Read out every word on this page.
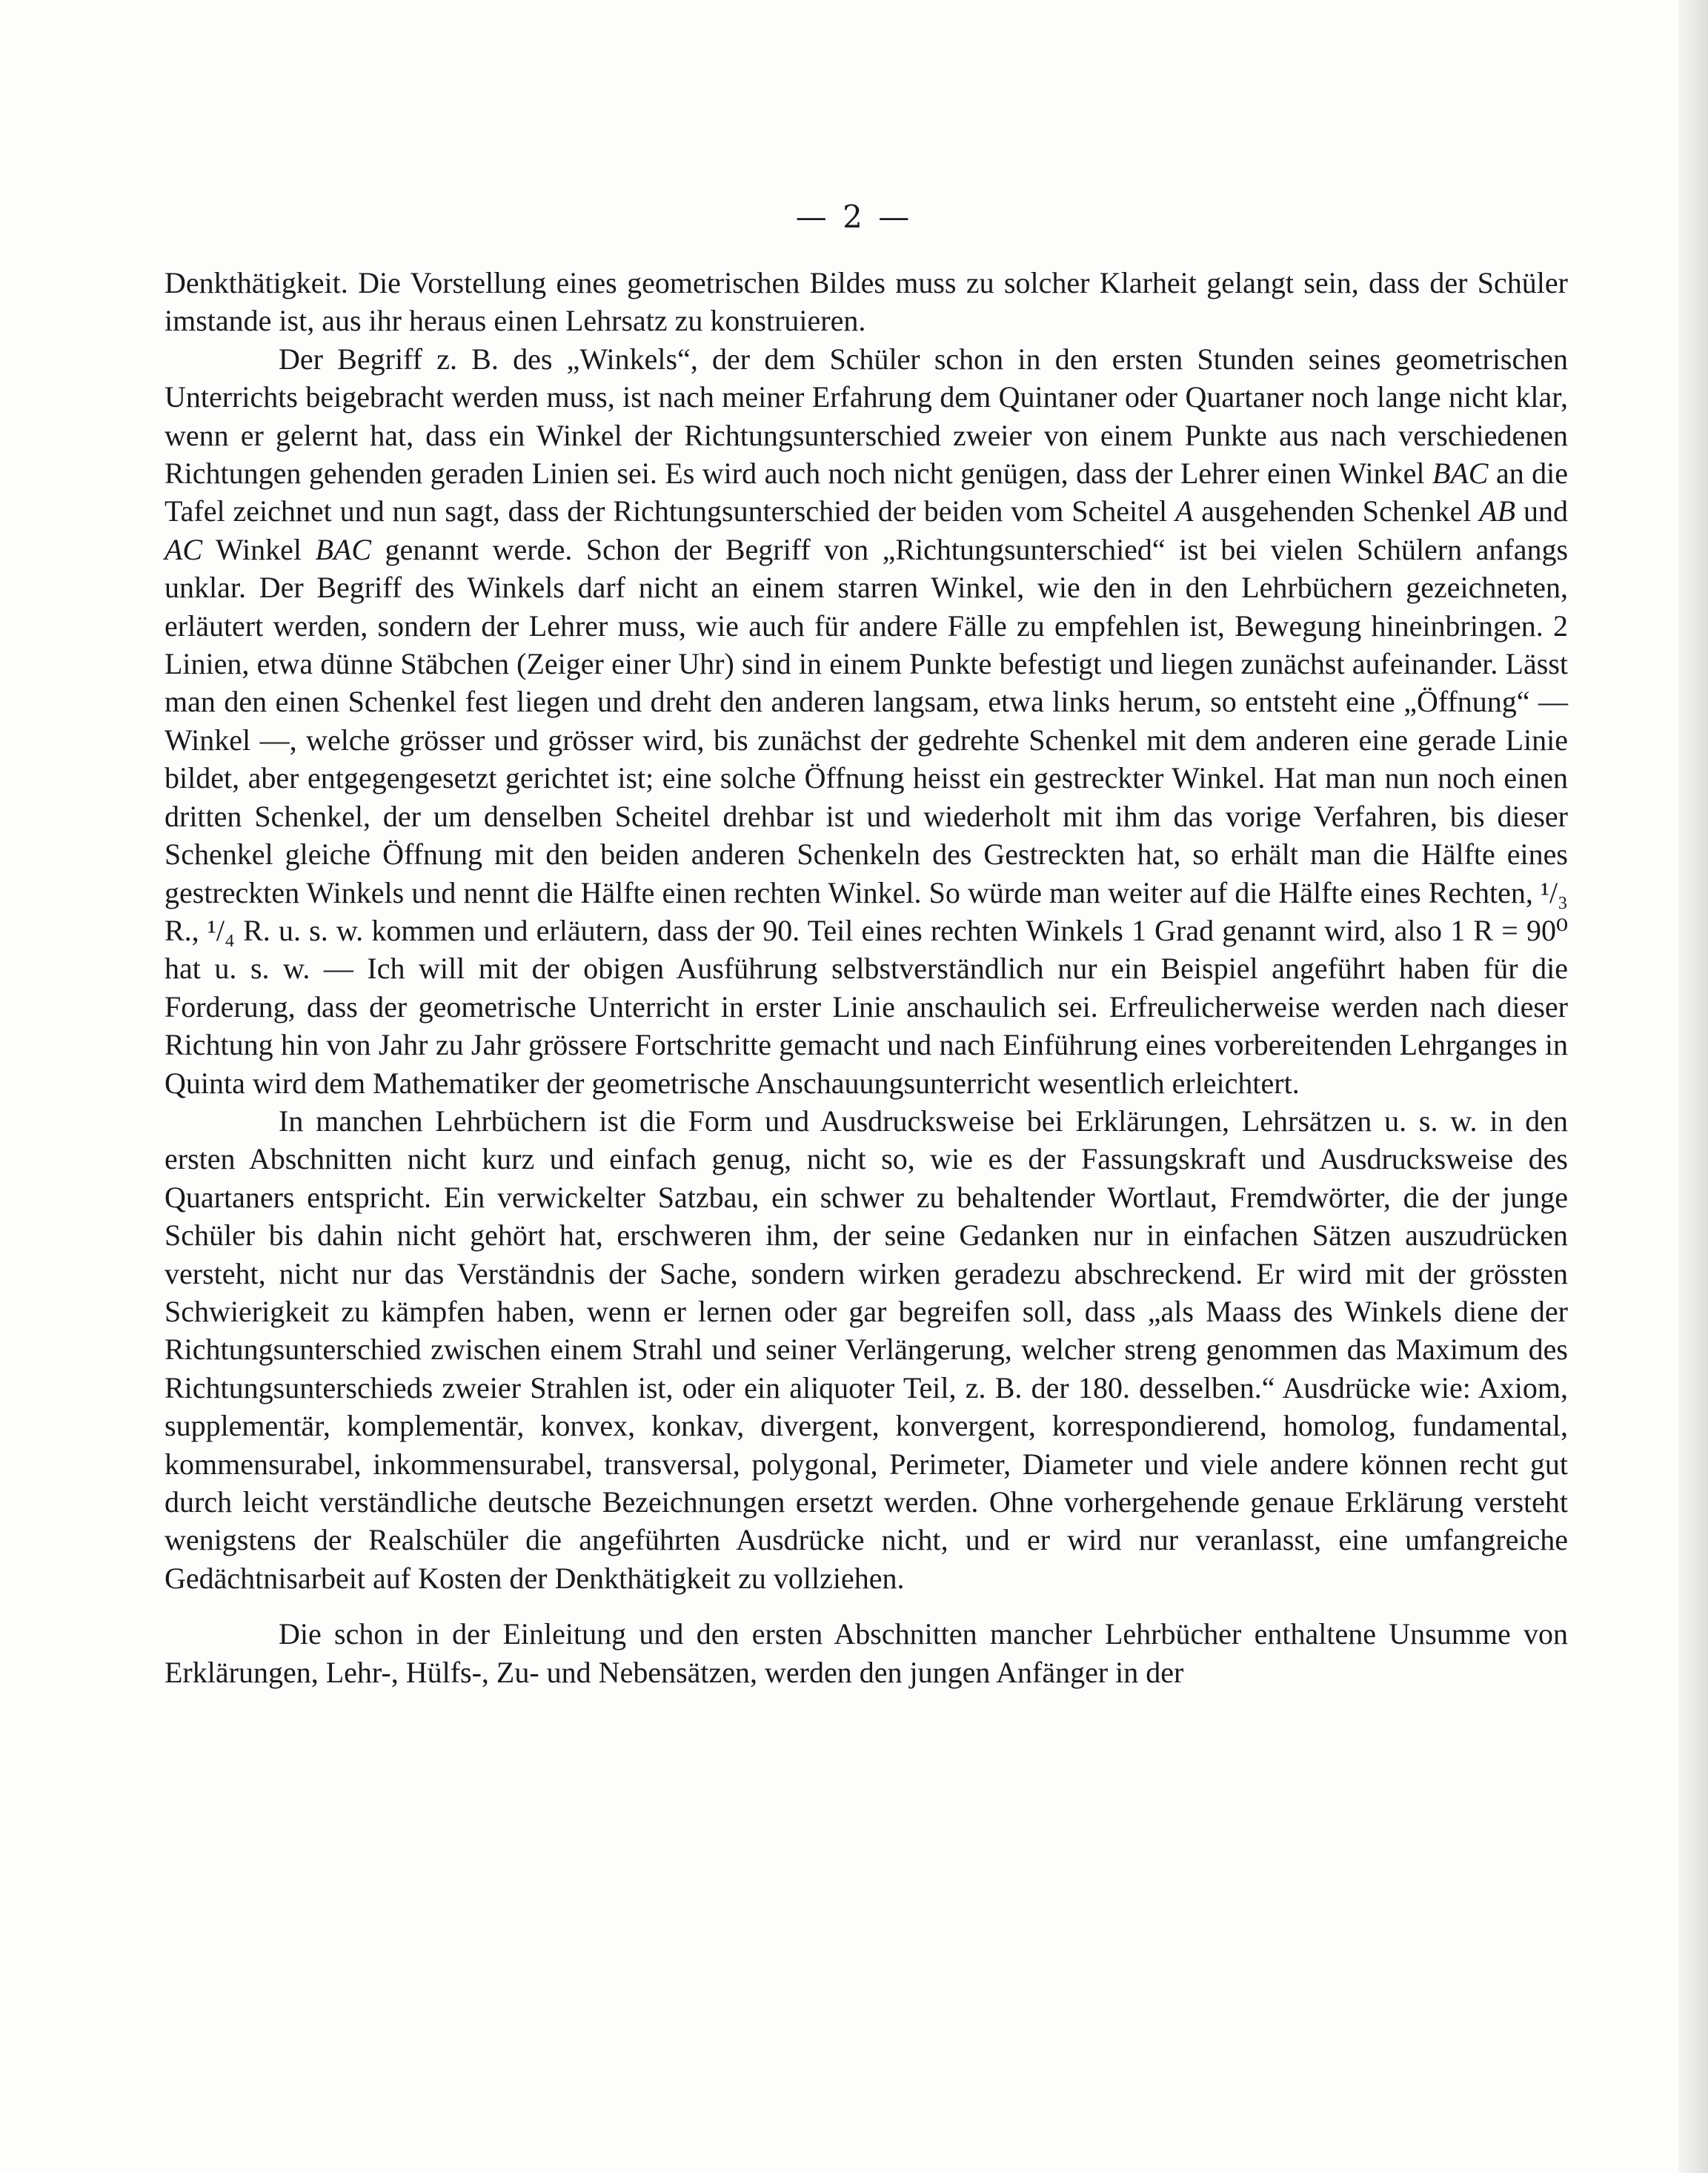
— 2 —

Denkthätigkeit. Die Vorstellung eines geometrischen Bildes muss zu solcher Klarheit gelangt sein, dass der Schüler imstande ist, aus ihr heraus einen Lehrsatz zu konstruieren.

Der Begriff z. B. des „Winkels“, der dem Schüler schon in den ersten Stunden seines geometrischen Unterrichts beigebracht werden muss, ist nach meiner Erfahrung dem Quintaner oder Quartaner noch lange nicht klar, wenn er gelernt hat, dass ein Winkel der Richtungsunterschied zweier von einem Punkte aus nach verschiedenen Richtungen gehenden geraden Linien sei. Es wird auch noch nicht genügen, dass der Lehrer einen Winkel BAC an die Tafel zeichnet und nun sagt, dass der Richtungsunterschied der beiden vom Scheitel A ausgehenden Schenkel AB und AC Winkel BAC genannt werde. Schon der Begriff von „Richtungsunterschied“ ist bei vielen Schülern anfangs unklar. Der Begriff des Winkels darf nicht an einem starren Winkel, wie den in den Lehrbüchern gezeichneten, erläutert werden, sondern der Lehrer muss, wie auch für andere Fälle zu empfehlen ist, Bewegung hineinbringen. 2 Linien, etwa dünne Stäbchen (Zeiger einer Uhr) sind in einem Punkte befestigt und liegen zunächst aufeinander. Lässt man den einen Schenkel fest liegen und dreht den anderen langsam, etwa links herum, so entsteht eine „Öffnung“ — Winkel —, welche grösser und grösser wird, bis zunächst der gedrehte Schenkel mit dem anderen eine gerade Linie bildet, aber entgegengesetzt gerichtet ist; eine solche Öffnung heisst ein gestreckter Winkel. Hat man nun noch einen dritten Schenkel, der um denselben Scheitel drehbar ist und wiederholt mit ihm das vorige Verfahren, bis dieser Schenkel gleiche Öffnung mit den beiden anderen Schenkeln des Gestreckten hat, so erhält man die Hälfte eines gestreckten Winkels und nennt die Hälfte einen rechten Winkel. So würde man weiter auf die Hälfte eines Rechten, ¹/₃ R., ¹/₄ R. u. s. w. kommen und erläutern, dass der 90. Teil eines rechten Winkels 1 Grad genannt wird, also 1 R = 90⁰ hat u. s. w. — Ich will mit der obigen Ausführung selbstverständlich nur ein Beispiel angeführt haben für die Forderung, dass der geometrische Unterricht in erster Linie anschaulich sei. Erfreulicherweise werden nach dieser Richtung hin von Jahr zu Jahr grössere Fortschritte gemacht und nach Einführung eines vorbereitenden Lehrganges in Quinta wird dem Mathematiker der geometrische Anschauungsunterricht wesentlich erleichtert.

In manchen Lehrbüchern ist die Form und Ausdrucksweise bei Erklärungen, Lehrsätzen u. s. w. in den ersten Abschnitten nicht kurz und einfach genug, nicht so, wie es der Fassungskraft und Ausdrucksweise des Quartaners entspricht. Ein verwickelter Satzbau, ein schwer zu behaltender Wortlaut, Fremdwörter, die der junge Schüler bis dahin nicht gehört hat, erschweren ihm, der seine Gedanken nur in einfachen Sätzen auszudrücken versteht, nicht nur das Verständnis der Sache, sondern wirken geradezu abschreckend. Er wird mit der grössten Schwierigkeit zu kämpfen haben, wenn er lernen oder gar begreifen soll, dass „als Maass des Winkels diene der Richtungsunterschied zwischen einem Strahl und seiner Verlängerung, welcher streng genommen das Maximum des Richtungsunterschieds zweier Strahlen ist, oder ein aliquoter Teil, z. B. der 180. desselben.“ Ausdrücke wie: Axiom, supplementär, komplementär, konvex, konkav, divergent, konvergent, korrespondierend, homolog, fundamental, kommensurabel, inkommensurabel, transversal, polygonal, Perimeter, Diameter und viele andere können recht gut durch leicht verständliche deutsche Bezeichnungen ersetzt werden. Ohne vorhergehende genaue Erklärung versteht wenigstens der Realschüler die angeführten Ausdrücke nicht, und er wird nur veranlasst, eine umfangreiche Gedächtnisarbeit auf Kosten der Denkthätigkeit zu vollziehen.

Die schon in der Einleitung und den ersten Abschnitten mancher Lehrbücher enthaltene Unsumme von Erklärungen, Lehr-, Hülfs-, Zu- und Nebensätzen, werden den jungen Anfänger in der
